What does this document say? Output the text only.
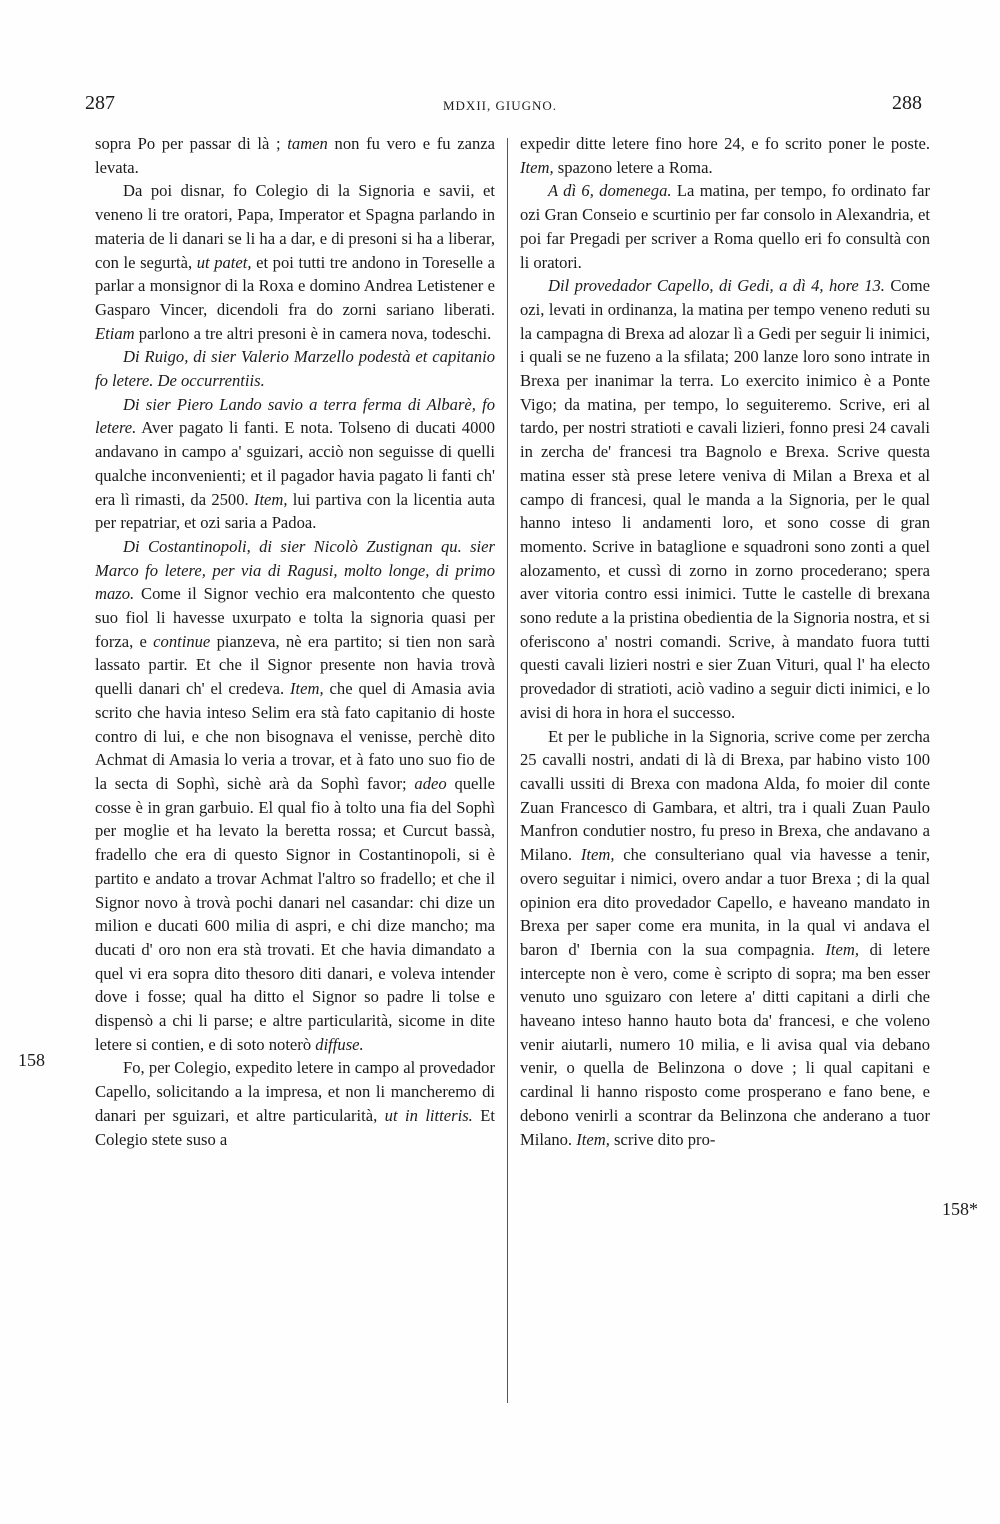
287	MDXII, GIUGNO.	288
158
158*

sopra Po per passar di là ; tamen non fu vero e fu zanza levata.

Da poi disnar, fo Colegio di la Signoria e savii, et veneno li tre oratori, Papa, Imperator et Spagna parlando in materia de li danari se li ha a dar, e di presoni si ha a liberar, con le segurtà, ut patet, et poi tutti tre andono in Toreselle a parlar a monsignor di la Roxa e domino Andrea Letistener e Gasparo Vincer, dicendoli fra do zorni sariano liberati. Etiam parlono a tre altri presoni è in camera nova, todeschi.

Di Ruigo, di sier Valerio Marzello podestà et capitanio fo letere. De occurrentiis.

Di sier Piero Lando savio a terra ferma di Albarè, fo letere. Aver pagato li fanti. E nota. Tolseno di ducati 4000 andavano in campo a' sguizari, acciò non seguisse di quelli qualche inconvenienti; et il pagador havia pagato li fanti ch' era lì rimasti, da 2500. Item, lui partiva con la licentia auta per repatriar, et ozi saria a Padoa.

Di Costantinopoli, di sier Nicolò Zustignan qu. sier Marco fo letere, per via di Ragusi, molto longe, di primo mazo. Come il Signor vechio era malcontento che questo suo fiol li havesse uxurpato e tolta la signoria quasi per forza, e continue pianzeva, nè era partito; si tien non sarà lassato partir. Et che il Signor presente non havia trovà quelli danari ch' el credeva. Item, che quel di Amasia avia scrito che havia inteso Selim era stà fato capitanio di hoste contro di lui, e che non bisognava el venisse, perchè dito Achmat di Amasia lo veria a trovar, et à fato uno suo fio de la secta di Sophì, sichè arà da Sophì favor; adeo quelle cosse è in gran garbuio. El qual fio à tolto una fia del Sophì per moglie et ha levato la beretta rossa; et Curcut bassà, fradello che era di questo Signor in Costantinopoli, si è partito e andato a trovar Achmat l'altro so fradello; et che il Signor novo à trovà pochi danari nel casandar: chi dize un milion e ducati 600 milia di aspri, e chi dize mancho; ma ducati d' oro non era stà trovati. Et che havia dimandato a quel vi era sopra dito thesoro diti danari, e voleva intender dove i fosse; qual ha ditto el Signor so padre li tolse e dispensò a chi li parse; e altre particularità, sicome in dite letere si contien, e di soto noterò diffuse.

Fo, per Colegio, expedito letere in campo al provedador Capello, solicitando a la impresa, et non li mancheremo di danari per sguizari, et altre particularità, ut in litteris. Et Colegio stete suso a

expedir ditte letere fino hore 24, e fo scrito poner le poste. Item, spazono letere a Roma.

A dì 6, domenega. La matina, per tempo, fo ordinato far ozi Gran Conseio e scurtinio per far consolo in Alexandria, et poi far Pregadi per scriver a Roma quello eri fo consultà con li oratori.

Dil provedador Capello, di Gedi, a dì 4, hore 13. Come ozi, levati in ordinanza, la matina per tempo veneno reduti su la campagna di Brexa ad alozar lì a Gedi per seguir li inimici, i quali se ne fuzeno a la sfilata; 200 lanze loro sono intrate in Brexa per inanimar la terra. Lo exercito inimico è a Ponte Vigo; da matina, per tempo, lo seguiteremo. Scrive, eri al tardo, per nostri stratioti e cavali lizieri, fonno presi 24 cavali in zercha de' francesi tra Bagnolo e Brexa. Scrive questa matina esser stà prese letere veniva di Milan a Brexa et al campo di francesi, qual le manda a la Signoria, per le qual hanno inteso li andamenti loro, et sono cosse di gran momento. Scrive in bataglione e squadroni sono zonti a quel alozamento, et cussì di zorno in zorno procederano; spera aver vitoria contro essi inimici. Tutte le castelle di brexana sono redute a la pristina obedientia de la Signoria nostra, et si oferiscono a' nostri comandi. Scrive, à mandato fuora tutti questi cavali lizieri nostri e sier Zuan Vituri, qual l' ha electo provedador di stratioti, aciò vadino a seguir dicti inimici, e lo avisi di hora in hora el successo.

Et per le publiche in la Signoria, scrive come per zercha 25 cavalli nostri, andati di là di Brexa, par habino visto 100 cavalli ussiti di Brexa con madona Alda, fo moier dil conte Zuan Francesco di Gambara, et altri, tra i quali Zuan Paulo Manfron condutier nostro, fu preso in Brexa, che andavano a Milano. Item, che consulteriano qual via havesse a tenir, overo seguitar i nimici, overo andar a tuor Brexa ; di la qual opinion era dito provedador Capello, e haveano mandato in Brexa per saper come era munita, in la qual vi andava el baron d' Ibernia con la sua compagnia. Item, di letere intercepte non è vero, come è scripto di sopra; ma ben esser venuto uno sguizaro con letere a' ditti capitani a dirli che haveano inteso hanno hauto bota da' francesi, e che voleno venir aiutarli, numero 10 milia, e li avisa qual via debano venir, o quella de Belinzona o dove ; li qual capitani e cardinal li hanno risposto come prosperano e fano bene, e debono venirli a scontrar da Belinzona che anderano a tuor Milano. Item, scrive dito pro-
